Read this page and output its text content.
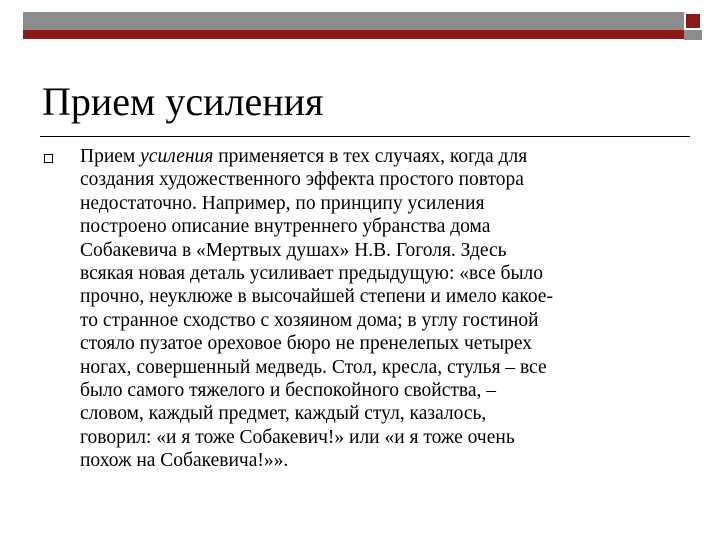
Прием усиления

Прием усиления применяется в тех случаях, когда для
создания художественного эффекта простого повтора
недостаточно. Например, по принципу усиления
построено описание внутреннего убранства дома
Собакевича в «Мертвых душах» Н.В. Гоголя. Здесь
всякая новая деталь усиливает предыдущую: «все было
прочно, неуклюже в высочайшей степени и имело какое-
то странное сходство с хозяином дома; в углу гостиной
стояло пузатое ореховое бюро не пренелепых четырех
ногах, совершенный медведь. Стол, кресла, стулья – все
было самого тяжелого и беспокойного свойства, –
словом, каждый предмет, каждый стул, казалось,
говорил: «и я тоже Собакевич!» или «и я тоже очень
похож на Собакевича!»».
